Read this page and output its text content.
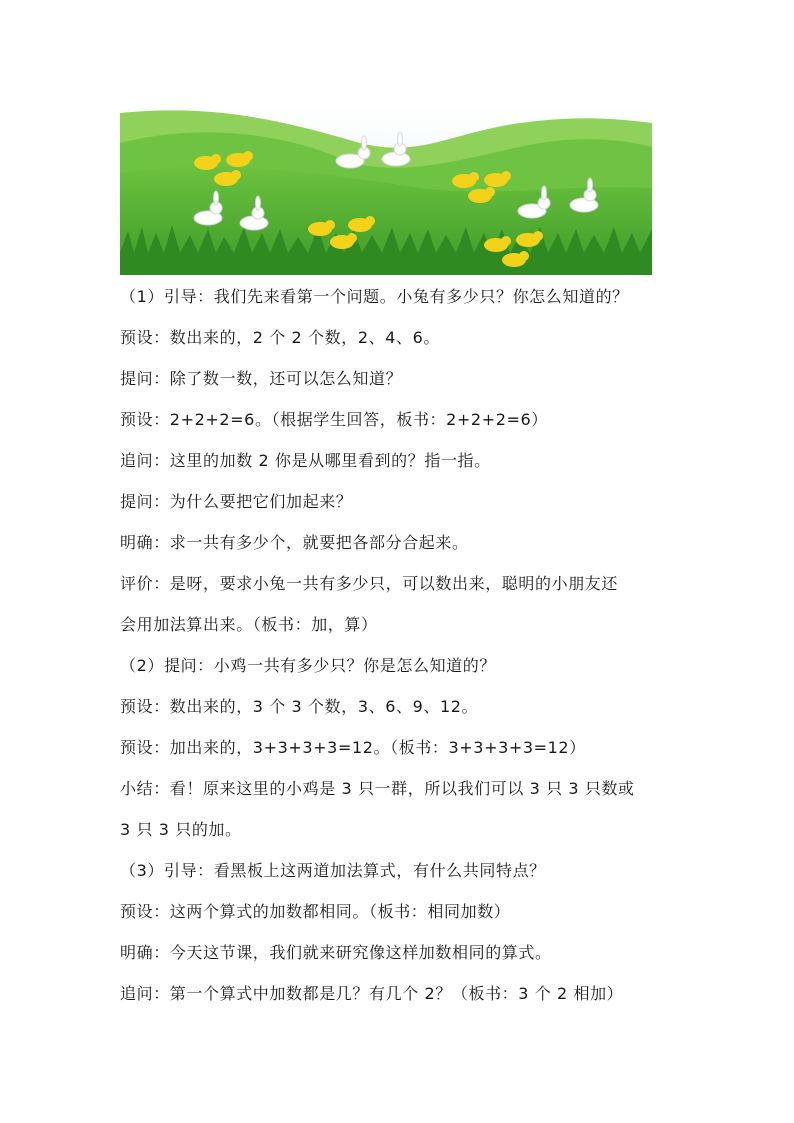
（1）引导：我们先来看第一个问题。小兔有多少只？你怎么知道的？
预设：数出来的，2 个 2 个数，2、4、6。
提问：除了数一数，还可以怎么知道？
预设：2+2+2=6。（根据学生回答，板书：2+2+2=6）
追问：这里的加数 2 你是从哪里看到的？指一指。
提问：为什么要把它们加起来？
明确：求一共有多少个，就要把各部分合起来。
评价：是呀，要求小兔一共有多少只，可以数出来，聪明的小朋友还
会用加法算出来。（板书：加，算）
（2）提问：小鸡一共有多少只？你是怎么知道的？
预设：数出来的，3 个 3 个数，3、6、9、12。
预设：加出来的，3+3+3+3=12。（板书：3+3+3+3=12）
小结：看！原来这里的小鸡是 3 只一群，所以我们可以 3 只 3 只数或
3 只 3 只的加。
（3）引导：看黑板上这两道加法算式，有什么共同特点？
预设：这两个算式的加数都相同。（板书：相同加数）
明确：今天这节课，我们就来研究像这样加数相同的算式。
追问：第一个算式中加数都是几？有几个 2？（板书：3 个 2 相加）
